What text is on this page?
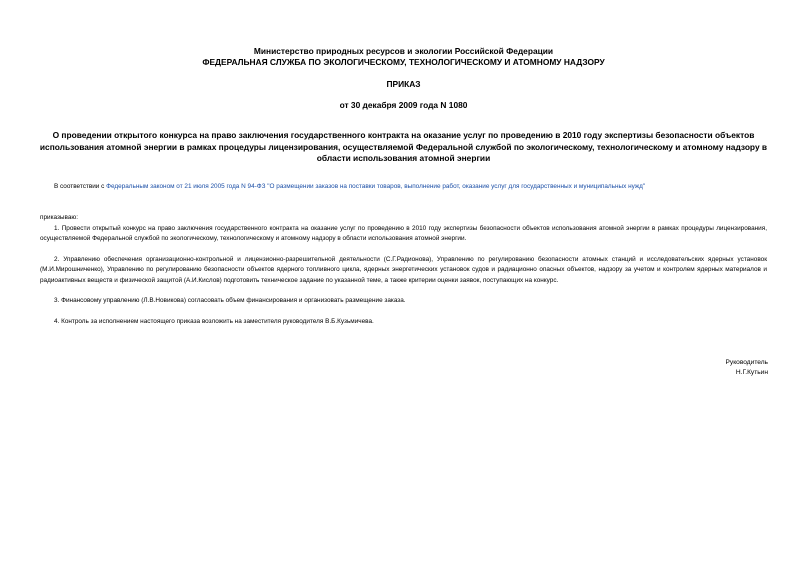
Министерство природных ресурсов и экологии Российской Федерации
ФЕДЕРАЛЬНАЯ СЛУЖБА ПО ЭКОЛОГИЧЕСКОМУ, ТЕХНОЛОГИЧЕСКОМУ И АТОМНОМУ НАДЗОРУ
ПРИКАЗ
от 30 декабря 2009 года N 1080
О проведении открытого конкурса на право заключения государственного контракта на оказание услуг по проведению в 2010 году экспертизы безопасности объектов использования атомной энергии в рамках процедуры лицензирования, осуществляемой Федеральной службой по экологическому, технологическому и атомному надзору в области использования атомной энергии
В соответствии с Федеральным законом от 21 июля 2005 года N 94-ФЗ "О размещении заказов на поставки товаров, выполнение работ, оказание услуг для государственных и муниципальных нужд"
приказываю:
1. Провести открытый конкурс на право заключения государственного контракта на оказание услуг по проведению в 2010 году экспертизы безопасности объектов использования атомной энергии в рамках процедуры лицензирования, осуществляемой Федеральной службой по экологическому, технологическому и атомному надзору в области использования атомной энергии.
2. Управлению обеспечения организационно-контрольной и лицензионно-разрешительной деятельности (С.Г.Радионова), Управлению по регулированию безопасности атомных станций и исследовательских ядерных установок (М.И.Мирошниченко), Управлению по регулированию безопасности объектов ядерного топливного цикла, ядерных энергетических установок судов и радиационно опасных объектов, надзору за учетом и контролем ядерных материалов и радиоактивных веществ и физической защитой (А.И.Кислов) подготовить техническое задание по указанной теме, а также критерии оценки заявок, поступающих на конкурс.
3. Финансовому управлению (Л.В.Новикова) согласовать объем финансирования и организовать размещение заказа.
4. Контроль за исполнением настоящего приказа возложить на заместителя руководителя В.Б.Кузьмичева.
Руководитель
Н.Г.Кутьин
